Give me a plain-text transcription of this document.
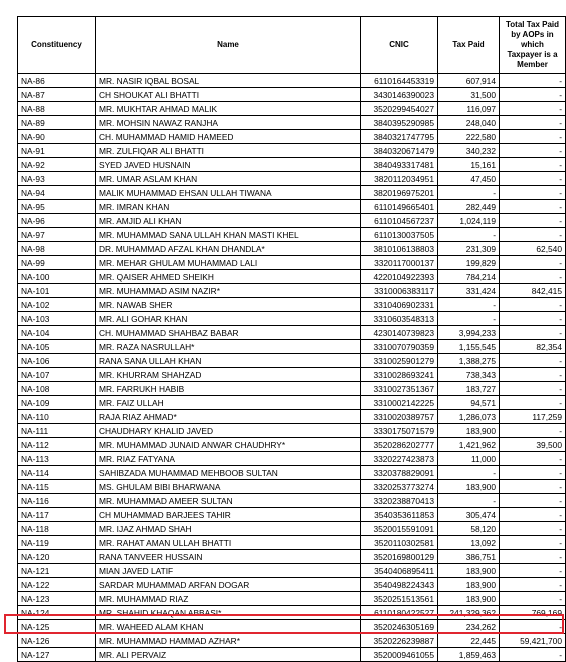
Constituency	Name	CNIC	Tax Paid	Total Tax Paid by AOPs in which Taxpayer is a Member
NA-86	MR. NASIR IQBAL BOSAL	6110164453319	607,914	-
NA-87	CH SHOUKAT ALI BHATTI	3430146390023	31,500	-
NA-88	MR. MUKHTAR AHMAD MALIK	3520299454027	116,097	-
NA-89	MR. MOHSIN NAWAZ RANJHA	3840395290985	248,040	-
NA-90	CH. MUHAMMAD HAMID HAMEED	3840321747795	222,580	-
NA-91	MR. ZULFIQAR ALI BHATTI	3840320671479	340,232	-
NA-92	SYED JAVED HUSNAIN	3840493317481	15,161	-
NA-93	MR. UMAR ASLAM KHAN	3820112034951	47,450	-
NA-94	MALIK MUHAMMAD EHSAN ULLAH TIWANA	3820196975201	-	-
NA-95	MR. IMRAN KHAN	6110149665401	282,449	-
NA-96	MR. AMJID ALI KHAN	6110104567237	1,024,119	-
NA-97	MR. MUHAMMAD SANA ULLAH KHAN MASTI KHEL	6110130037505	-	-
NA-98	DR. MUHAMMAD AFZAL KHAN DHANDLA*	3810106138803	231,309	62,540
NA-99	MR. MEHAR GHULAM MUHAMMAD LALI	3320117000137	199,829	-
NA-100	MR. QAISER AHMED SHEIKH	4220104922393	784,214	-
NA-101	MR. MUHAMMAD ASIM NAZIR*	3310006383117	331,424	842,415
NA-102	MR. NAWAB SHER	3310406902331	-	-
NA-103	MR. ALI GOHAR KHAN	3310603548313	-	-
NA-104	CH. MUHAMMAD SHAHBAZ BABAR	4230140739823	3,994,233	-
NA-105	MR. RAZA NASRULLAH*	3310070790359	1,155,545	82,354
NA-106	RANA SANA ULLAH KHAN	3310025901279	1,388,275	-
NA-107	MR. KHURRAM SHAHZAD	3310028693241	738,343	-
NA-108	MR. FARRUKH HABIB	3310027351367	183,727	-
NA-109	MR. FAIZ ULLAH	3310002142225	94,571	-
NA-110	RAJA RIAZ AHMAD*	3310020389757	1,286,073	117,259
NA-111	CHAUDHARY KHALID JAVED	3330175071579	183,900	-
NA-112	MR. MUHAMMAD JUNAID ANWAR CHAUDHRY*	3520286202777	1,421,962	39,500
NA-113	MR. RIAZ FATYANA	3320227423873	11,000	-
NA-114	SAHIBZADA MUHAMMAD MEHBOOB SULTAN	3320378829091	-	-
NA-115	MS. GHULAM BIBI BHARWANA	3320253773274	183,900	-
NA-116	MR. MUHAMMAD AMEER SULTAN	3320238870413	-	-
NA-117	CH MUHAMMAD BARJEES TAHIR	3540353611853	305,474	-
NA-118	MR. IJAZ AHMAD SHAH	3520015591091	58,120	-
NA-119	MR. RAHAT AMAN ULLAH BHATTI	3520110302581	13,092	-
NA-120	RANA TANVEER HUSSAIN	3520169800129	386,751	-
NA-121	MIAN JAVED LATIF	3540406895411	183,900	-
NA-122	SARDAR MUHAMMAD ARFAN DOGAR	3540498224343	183,900	-
NA-123	MR. MUHAMMAD RIAZ	3520251513561	183,900	-
NA-124	MR. SHAHID KHAQAN ABBASI*	6110180422527	241,329,362	769,169
NA-125	MR. WAHEED ALAM KHAN	3520246305169	234,262	-
NA-126	MR. MUHAMMAD HAMMAD AZHAR*	3520226239887	22,445	59,421,700
NA-127	MR. ALI PERVAIZ	3520009461055	1,859,463	-
